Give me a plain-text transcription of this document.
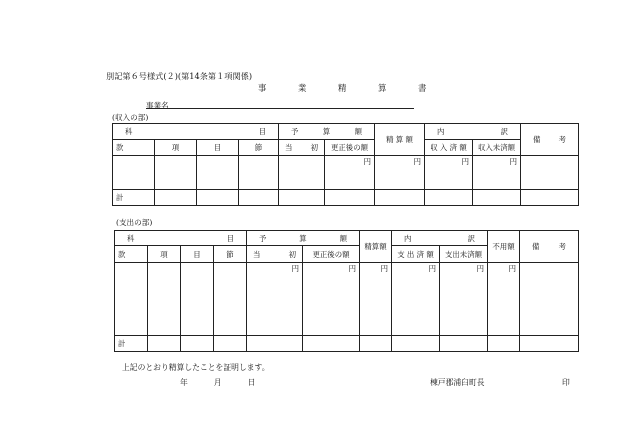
別記第６号様式(２)(第14条第１項関係)
事	業	精	算	書
事業名
(収入の部)
科 目				予 算 額		精 算 額	内 訳		備 考

款	項	目	節	当 初	更正後の額		収 入 済 額	収入未済額	
					円	円	円	円	
計									
(支出の部)
科 目				予 算 額		精算額	内 訳		不用額	備 考

款	項	目	節	当 初	更正後の額		支 出 済 額	支出未済額		
				円	円	円	円	円	円	
計										
上記のとおり精算したことを証明します。
年	月	日	棟戸郡浦臼町長	印
